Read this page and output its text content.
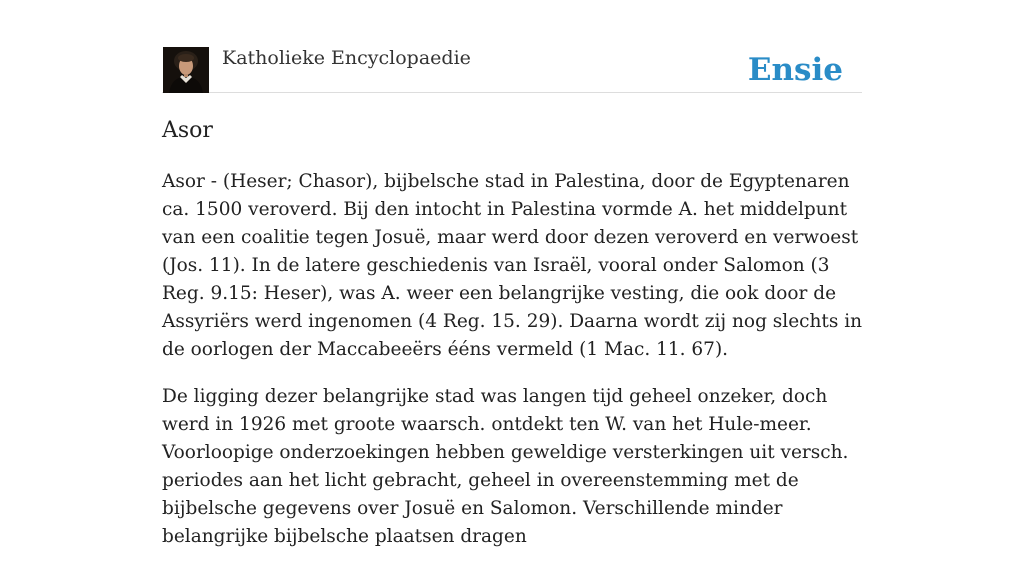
Katholieke Encyclopaedie	Ensie
Asor

Asor - (Heser; Chasor), bijbelsche stad in Palestina, door de Egyptenaren ca. 1500 veroverd. Bij den intocht in Palestina vormde A. het middelpunt van een coalitie tegen Josuë, maar werd door dezen veroverd en verwoest (Jos. 11). In de latere geschiedenis van Israël, vooral onder Salomon (3 Reg. 9.15: Heser), was A. weer een belangrijke vesting, die ook door de Assyriërs werd ingenomen (4 Reg. 15. 29). Daarna wordt zij nog slechts in de oorlogen der Maccabeeërs ééns vermeld (1 Mac. 11. 67).

De ligging dezer belangrijke stad was langen tijd geheel onzeker, doch werd in 1926 met groote waarsch. ontdekt ten W. van het Hule-meer. Voorloopige onderzoekingen hebben geweldige versterkingen uit versch. periodes aan het licht gebracht, geheel in overeenstemming met de bijbelsche gegevens over Josuë en Salomon. Verschillende minder belangrijke bijbelsche plaatsen dragen
